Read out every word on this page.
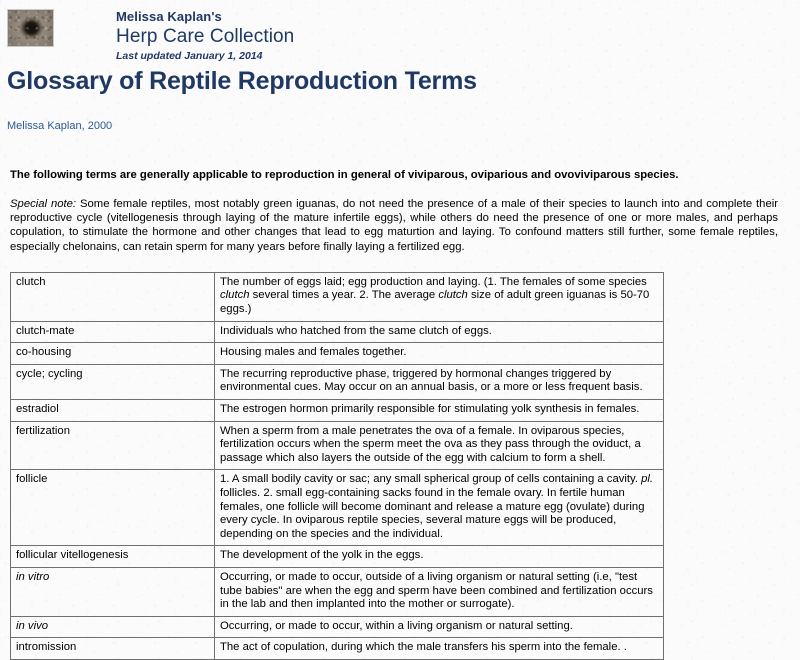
Melissa Kaplan's
Herp Care Collection
Last updated January 1, 2014
Glossary of Reptile Reproduction Terms

Melissa Kaplan, 2000

The following terms are generally applicable to reproduction in general of viviparous, oviparious and ovoviviparous species.

Special note: Some female reptiles, most notably green iguanas, do not need the presence of a male of their species to launch into and complete their reproductive cycle (vitellogenesis through laying of the mature infertile eggs), while others do need the presence of one or more males, and perhaps copulation, to stimulate the hormone and other changes that lead to egg maturtion and laying. To confound matters still further, some female reptiles, especially chelonains, can retain sperm for many years before finally laying a fertilized egg.

clutch	The number of eggs laid; egg production and laying. (1. The females of some species clutch several times a year. 2. The average clutch size of adult green iguanas is 50-70 eggs.)
clutch-mate	Individuals who hatched from the same clutch of eggs.
co-housing	Housing males and females together.
cycle; cycling	The recurring reproductive phase, triggered by hormonal changes triggered by environmental cues. May occur on an annual basis, or a more or less frequent basis.
estradiol	The estrogen hormon primarily responsible for stimulating yolk synthesis in females.
fertilization	When a sperm from a male penetrates the ova of a female. In oviparous species, fertilization occurs when the sperm meet the ova as they pass through the oviduct, a passage which also layers the outside of the egg with calcium to form a shell.
follicle	1. A small bodily cavity or sac; any small spherical group of cells containing a cavity. pl. follicles. 2. small egg-containing sacks found in the female ovary. In fertile human females, one follicle will become dominant and release a mature egg (ovulate) during every cycle. In oviparous reptile species, several mature eggs will be produced, depending on the species and the individual.
follicular vitellogenesis	The development of the yolk in the eggs.
in vitro	Occurring, or made to occur, outside of a living organism or natural setting (i.e, "test tube babies" are when the egg and sperm have been combined and fertilization occurs in the lab and then implanted into the mother or surrogate).
in vivo	Occurring, or made to occur, within a living organism or natural setting.
intromission	The act of copulation, during which the male transfers his sperm into the female. .
